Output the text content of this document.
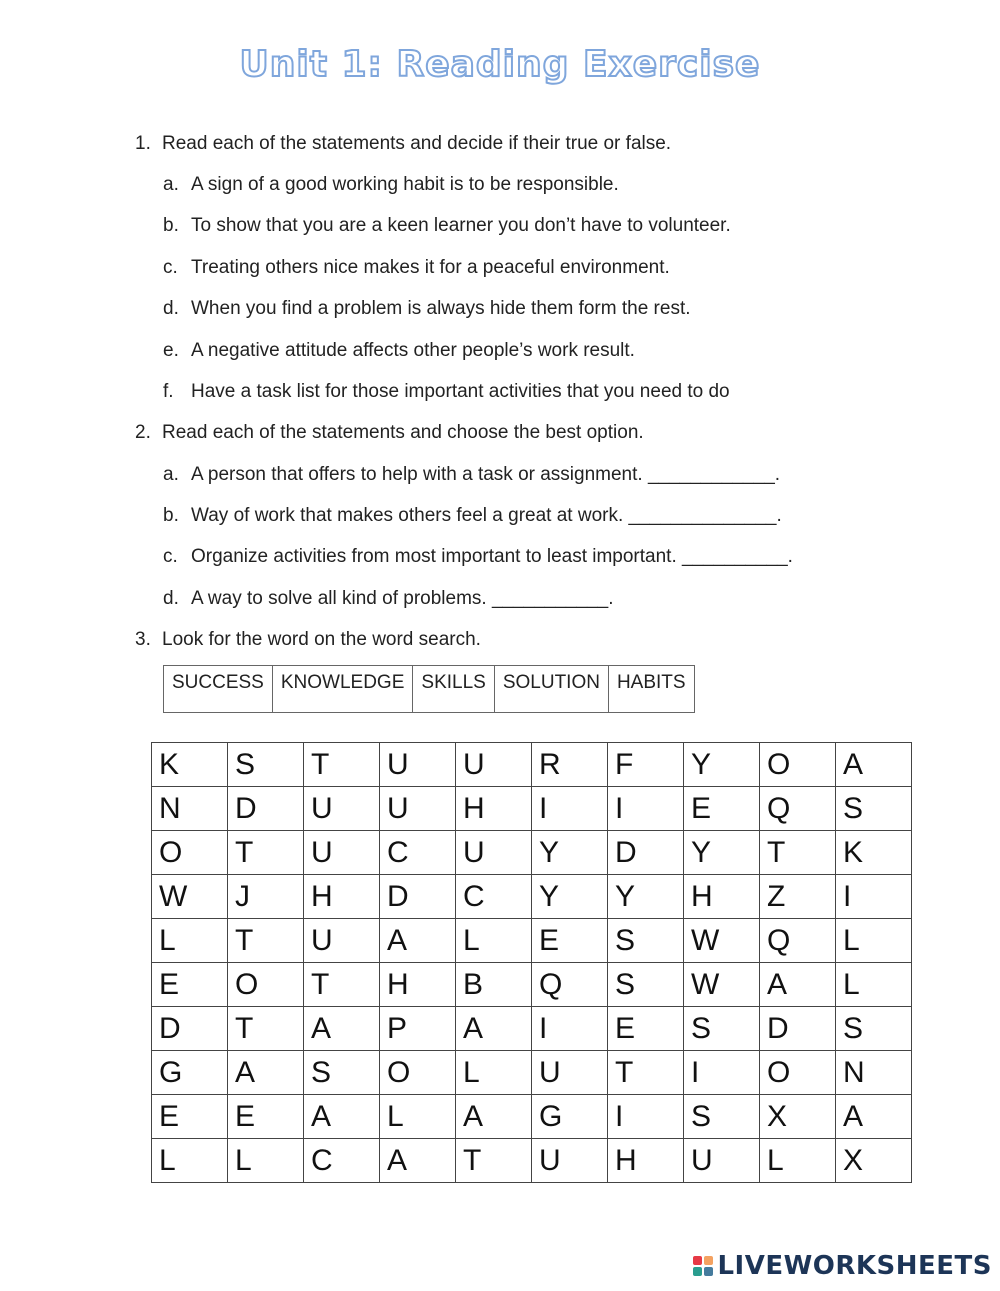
Unit 1: Reading Exercise
1. Read each of the statements and decide if their true or false.
a. A sign of a good working habit is to be responsible.
b. To show that you are a keen learner you don’t have to volunteer.
c. Treating others nice makes it for a peaceful environment.
d. When you find a problem is always hide them form the rest.
e. A negative attitude affects other people’s work result.
f. Have a task list for those important activities that you need to do
2. Read each of the statements and choose the best option.
a. A person that offers to help with a task or assignment. ____________.
b. Way of work that makes others feel a great at work. ______________.
c. Organize activities from most important to least important. __________.
d. A way to solve all kind of problems. ___________.
3. Look for the word on the word search.
SUCCESS	KNOWLEDGE	SKILLS	SOLUTION	HABITS
K	S	T	U	U	R	F	Y	O	A
N	D	U	U	H	I	I	E	Q	S
O	T	U	C	U	Y	D	Y	T	K
W	J	H	D	C	Y	Y	H	Z	I
L	T	U	A	L	E	S	W	Q	L
E	O	T	H	B	Q	S	W	A	L
D	T	A	P	A	I	E	S	D	S
G	A	S	O	L	U	T	I	O	N
E	E	A	L	A	G	I	S	X	A
L	L	C	A	T	U	H	U	L	X
LIVEWORKSHEETS
